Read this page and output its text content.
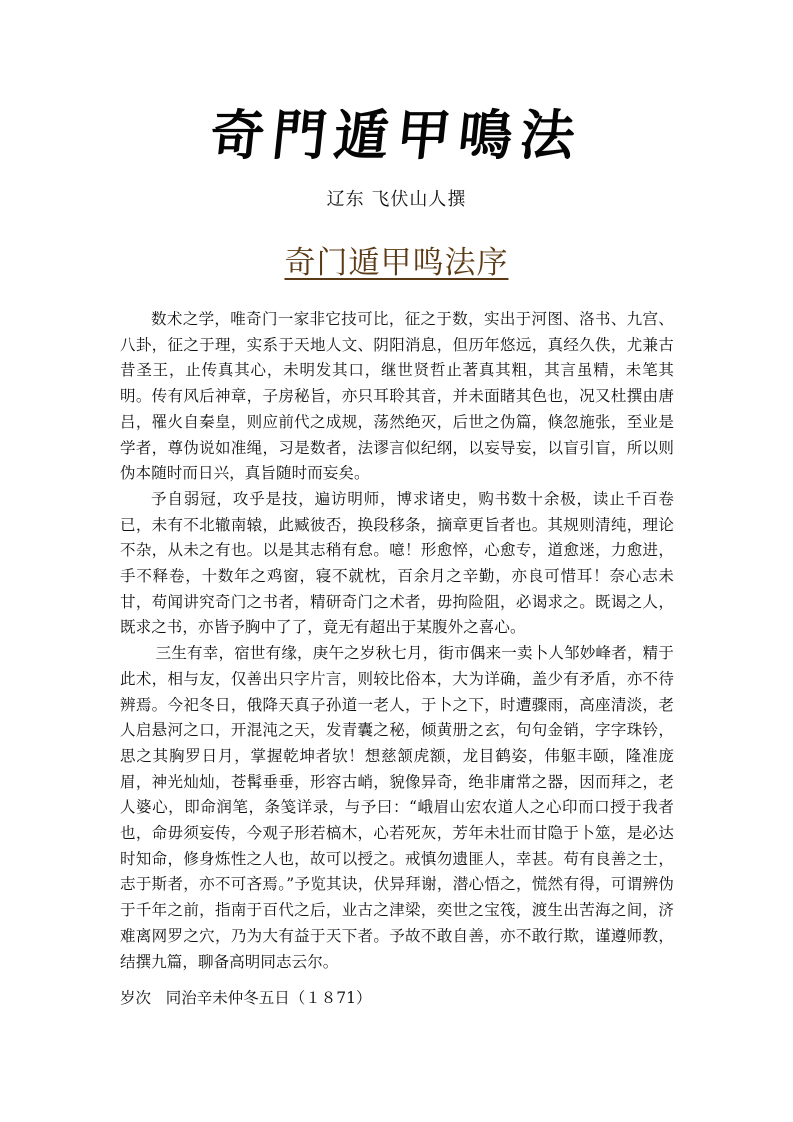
奇門遁甲鳴法
辽东 飞伏山人撰
奇门遁甲鸣法序

数术之学，唯奇门一家非它技可比，征之于数，实出于河图、洛书、九宫、八卦，征之于理，实系于天地人文、阴阳消息，但历年悠远，真经久佚，尤兼古昔圣王，止传真其心，未明发其口，继世贤哲止著真其粗，其言虽精，未笔其明。传有风后神章，子房秘旨，亦只耳聆其音，并未面睹其色也，况又杜撰由唐吕，罹火自秦皇，则应前代之成规，荡然绝灭，后世之伪篇，倏忽施张，至业是学者，尊伪说如准绳，习是数者，法谬言似纪纲，以妄导妄，以盲引盲，所以则伪本随时而日兴，真旨随时而妄矣。

予自弱冠，攻乎是技，遍访明师，博求诸史，购书数十余极，读止千百卷已，未有不北辙南辕，此臧彼否，换段移条，摘章更旨者也。其规则清纯，理论不杂，从未之有也。以是其志稍有怠。噫！形愈悴，心愈专，道愈迷，力愈进，手不释卷，十数年之鸡窗，寝不就枕，百余月之辛勤，亦良可惜耳！奈心志未甘，苟闻讲究奇门之书者，精研奇门之术者，毋拘险阻，必谒求之。既谒之人，既求之书，亦皆予胸中了了，竟无有超出于某腹外之喜心。

三生有幸，宿世有缘，庚午之岁秋七月，街市偶来一卖卜人邹妙峰者，精于此术，相与友，仅善出只字片言，则较比俗本，大为详确，盖少有矛盾，亦不待辨焉。今祀冬日，俄降天真子孙道一老人，于卜之下，时遭骤雨，高座清淡，老人启悬河之口，开混沌之天，发青囊之秘，倾黄册之玄，句句金销，字字珠钤，思之其胸罗日月，掌握乾坤者欤！想慈颔虎额，龙目鹤姿，伟躯丰颐，隆准庞眉，神光灿灿，苍髯垂垂，形容古峭，貌像异奇，绝非庸常之器，因而拜之，老人婆心，即命润笔，条笺详录，与予曰：“峨眉山宏农道人之心印而口授于我者也，命毋须妄传，今观子形若槁木，心若死灰，芳年未壮而甘隐于卜筮，是必达时知命，修身炼性之人也，故可以授之。戒慎勿遗匪人，幸甚。苟有良善之士，志于斯者，亦不可吝焉。”予览其诀，伏异拜谢，潜心悟之，慌然有得，可谓辨伪于千年之前，指南于百代之后，业古之津梁，奕世之宝筏，渡生出苦海之间，济难离网罗之穴，乃为大有益于天下者。予故不敢自善，亦不敢行欺，谨遵师教，结撰九篇，聊备高明同志云尔。

岁次   同治辛未仲冬五日（１８71）
